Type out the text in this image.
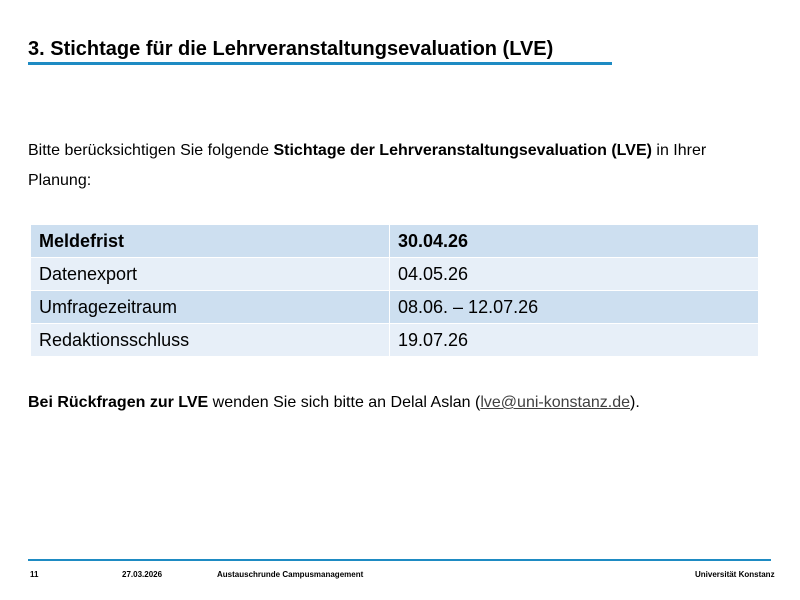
3. Stichtage für die Lehrveranstaltungsevaluation (LVE)

Bitte berücksichtigen Sie folgende Stichtage der Lehrveranstaltungsevaluation (LVE) in Ihrer Planung:

Meldefrist	30.04.26
Datenexport	04.05.26
Umfragezeitraum	08.06. – 12.07.26
Redaktionsschluss	19.07.26

Bei Rückfragen zur LVE wenden Sie sich bitte an Delal Aslan (lve@uni-konstanz.de).

11	27.03.2026	Austauschrunde Campusmanagement	Universität Konstanz
